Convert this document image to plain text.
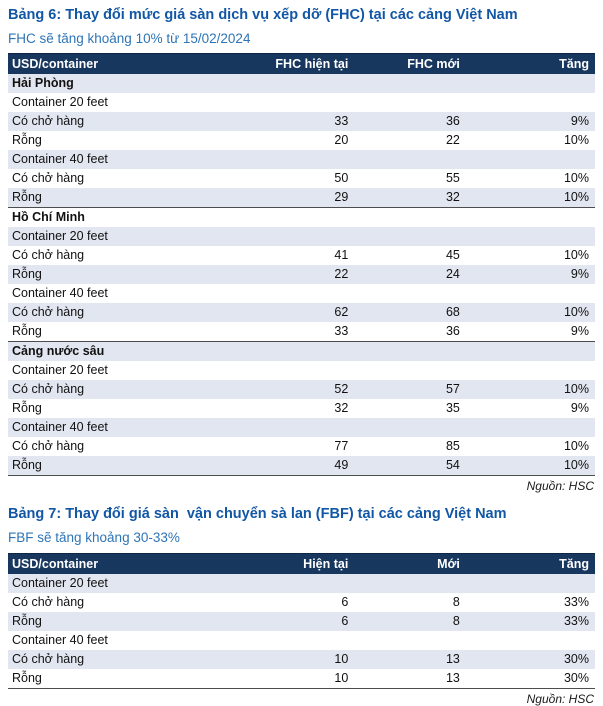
Bảng 6: Thay đổi mức giá sàn dịch vụ xếp dỡ (FHC) tại các cảng Việt Nam

FHC sẽ tăng khoảng 10% từ 15/02/2024

USD/container	FHC hiện tại	FHC mới	Tăng
Hải Phòng			
Container 20 feet			
Có chở hàng	33	36	9%
Rỗng	20	22	10%
Container 40 feet			
Có chở hàng	50	55	10%
Rỗng	29	32	10%
Hồ Chí Minh			
Container 20 feet			
Có chở hàng	41	45	10%
Rỗng	22	24	9%
Container 40 feet			
Có chở hàng	62	68	10%
Rỗng	33	36	9%
Cảng nước sâu			
Container 20 feet			
Có chở hàng	52	57	10%
Rỗng	32	35	9%
Container 40 feet			
Có chở hàng	77	85	10%
Rỗng	49	54	10%
Nguồn: HSC
Bảng 7: Thay đổi giá sàn  vận chuyển sà lan (FBF) tại các cảng Việt Nam

FBF sẽ tăng khoảng 30-33%

USD/container	Hiện tại	Mới	Tăng
Container 20 feet			
Có chở hàng	6	8	33%
Rỗng	6	8	33%
Container 40 feet			
Có chở hàng	10	13	30%
Rỗng	10	13	30%
Nguồn: HSC
